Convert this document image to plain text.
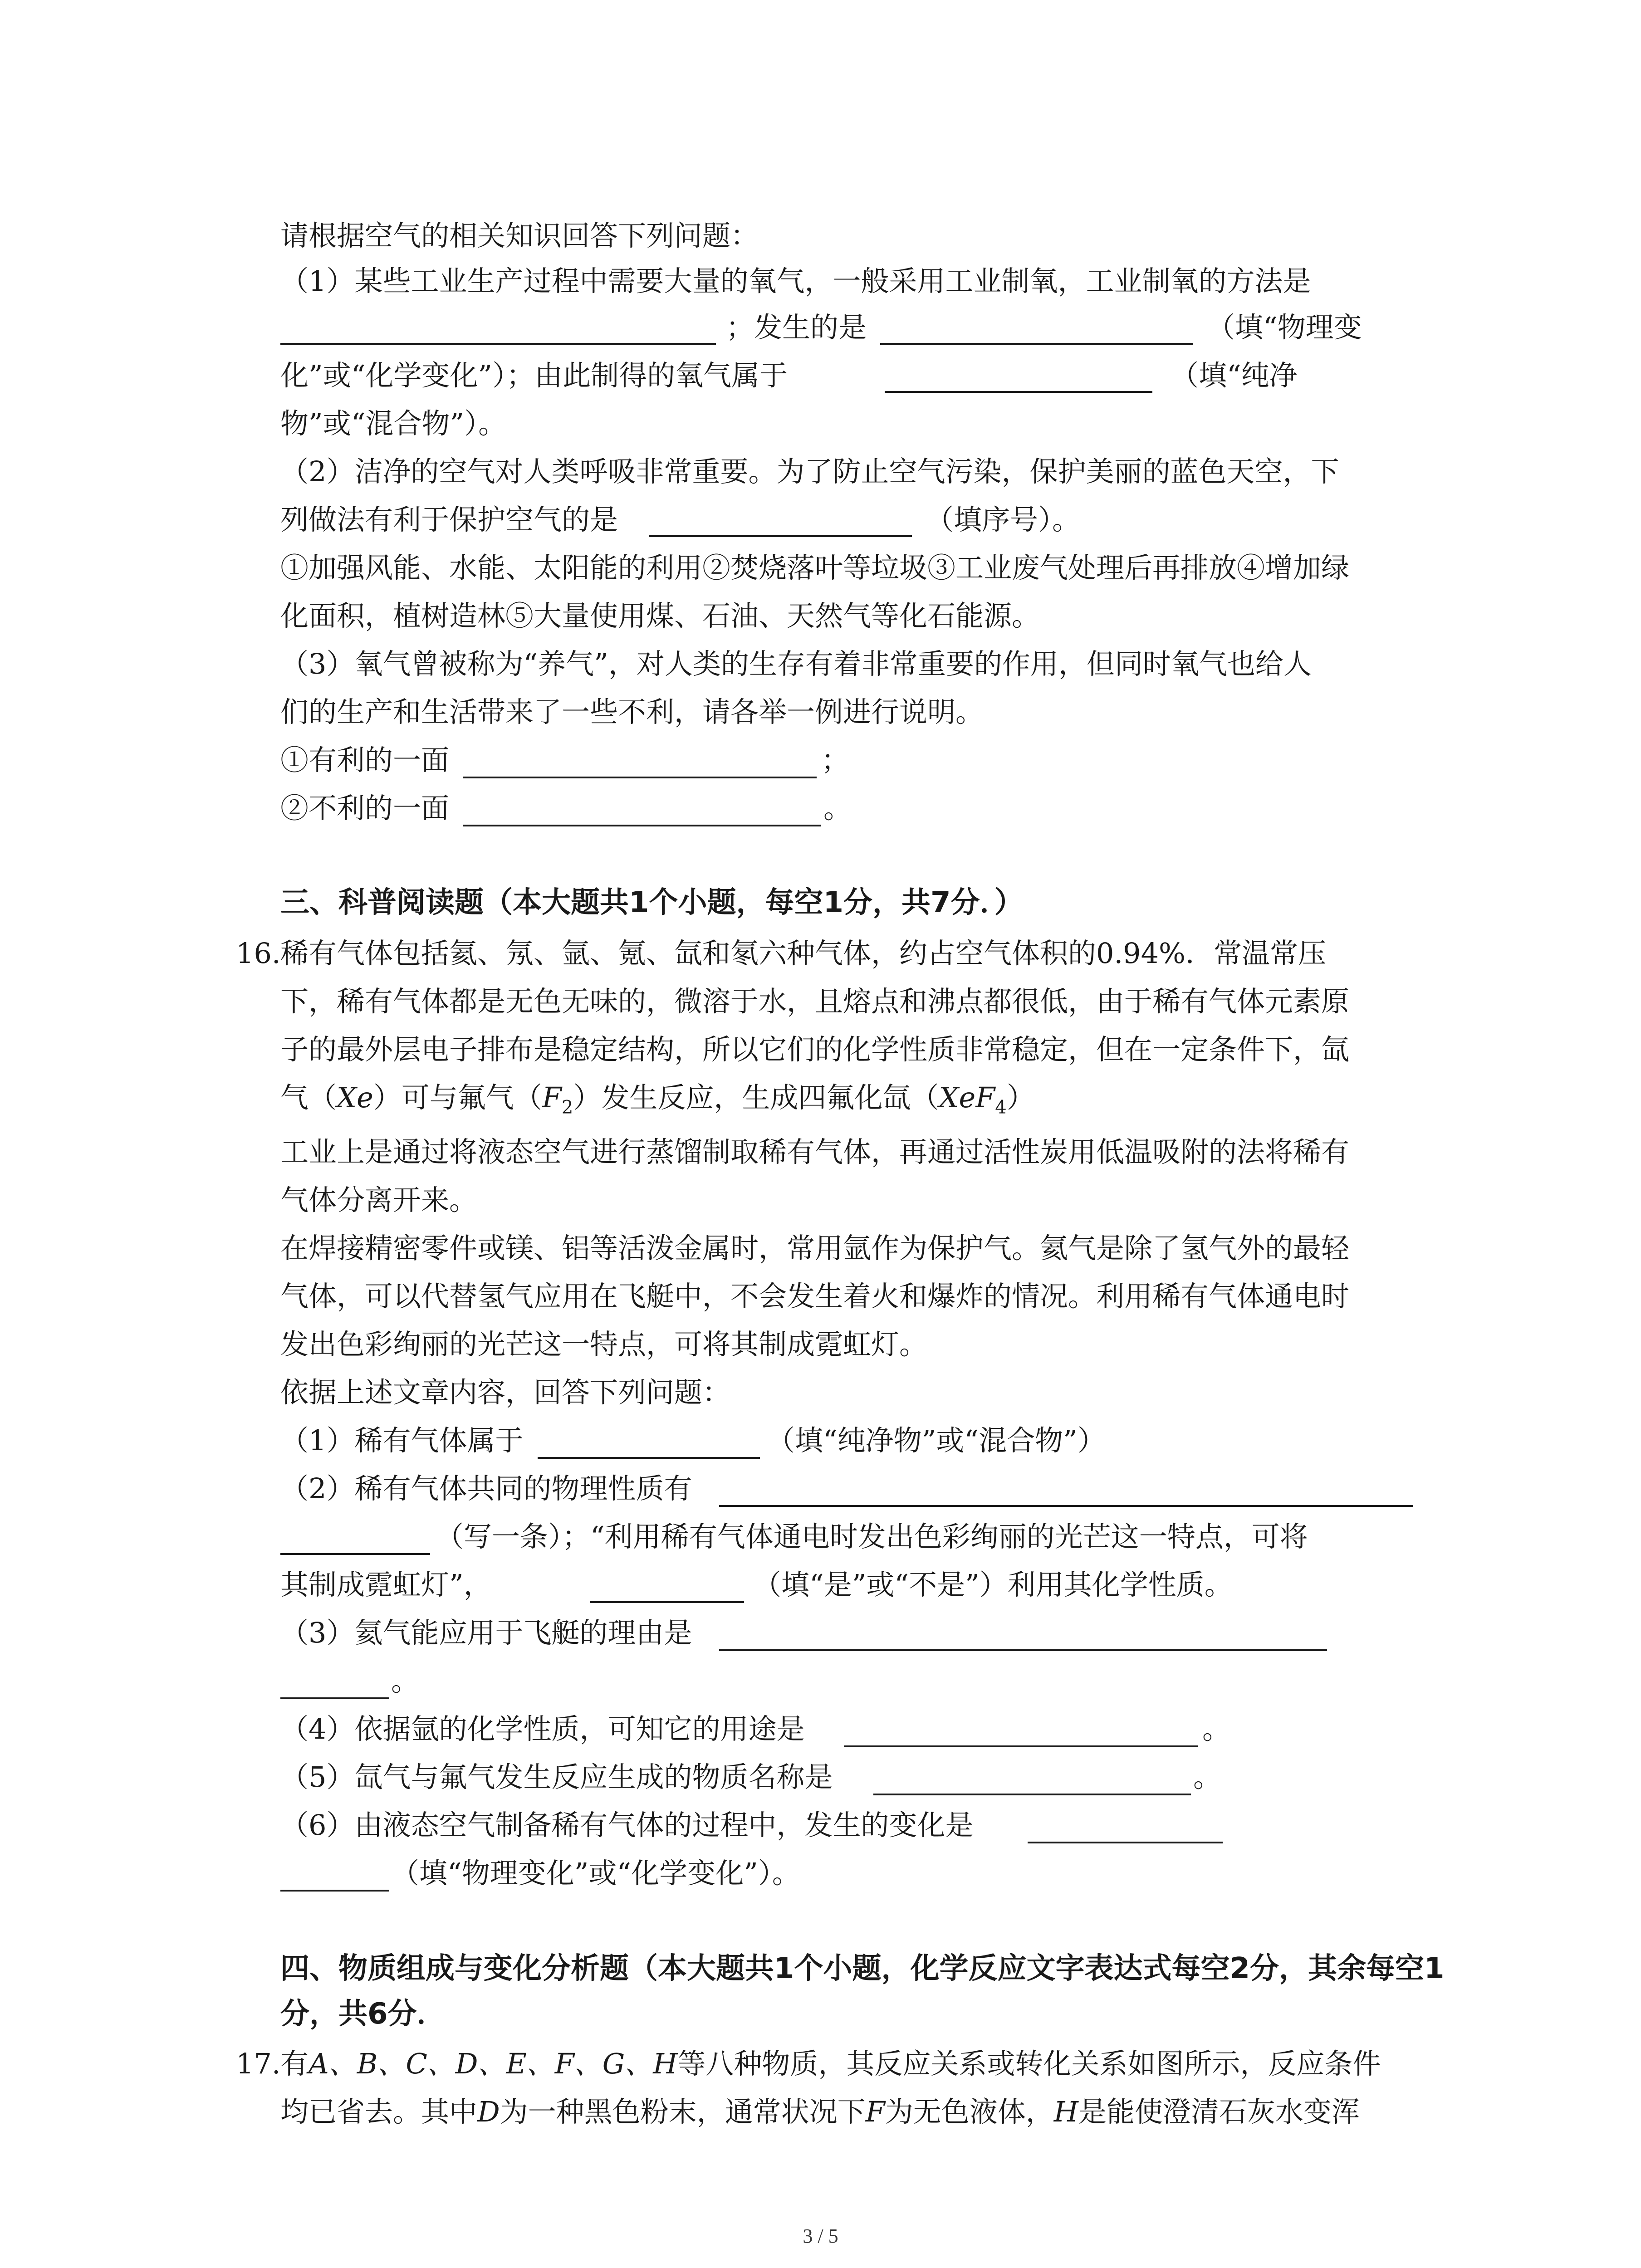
请根据空气的相关知识回答下列问题：
（1）某些工业生产过程中需要大量的氧气，一般采用工业制氧，工业制氧的方法是
；发生的是	（填“物理变
化”或“化学变化”）；由此制得的氧气属于	（填“纯净
物”或“混合物”）。
（2）洁净的空气对人类呼吸非常重要。为了防止空气污染，保护美丽的蓝色天空，下
列做法有利于保护空气的是	（填序号）。
①加强风能、水能、太阳能的利用②焚烧落叶等垃圾③工业废气处理后再排放④增加绿
化面积，植树造林⑤大量使用煤、石油、天然气等化石能源。
（3）氧气曾被称为“养气”，对人类的生存有着非常重要的作用，但同时氧气也给人
们的生产和生活带来了一些不利，请各举一例进行说明。
①有利的一面	；
②不利的一面	。
三、科普阅读题（本大题共1个小题，每空1分，共7分．）
16. 稀有气体包括氦、氖、氩、氪、氙和氡六种气体，约占空气体积的0.94%．常温常压
下，稀有气体都是无色无味的，微溶于水，且熔点和沸点都很低，由于稀有气体元素原
子的最外层电子排布是稳定结构，所以它们的化学性质非常稳定，但在一定条件下，氙
气（Xe）可与氟气$(F_2)$发生反应，生成四氟化氙（XeF$_4$）
工业上是通过将液态空气进行蒸馏制取稀有气体，再通过活性炭用低温吸附的法将稀有
气体分离开来。
在焊接精密零件或镁、铝等活泼金属时，常用氩作为保护气。氦气是除了氢气外的最轻
气体，可以代替氢气应用在飞艇中，不会发生着火和爆炸的情况。利用稀有气体通电时
发出色彩绚丽的光芒这一特点，可将其制成霓虹灯。
依据上述文章内容，回答下列问题：
（1）稀有气体属于	（填“纯净物”或“混合物”）
（2）稀有气体共同的物理性质有
（写一条）；“利用稀有气体通电时发出色彩绚丽的光芒这一特点，可将
其制成霓虹灯”，	（填“是”或“不是”）利用其化学性质。
（3）氦气能应用于飞艇的理由是
。
（4）依据氩的化学性质，可知它的用途是	。
（5）氙气与氟气发生反应生成的物质名称是	。
（6）由液态空气制备稀有气体的过程中，发生的变化是
（填“物理变化”或“化学变化”）。
四、物质组成与变化分析题（本大题共1个小题，化学反应文字表达式每空2分，其余每空1
分，共6分．
17. 有A、B、C、D、E、F、G、H等八种物质，其反应关系或转化关系如图所示，反应条件
均已省去。其中D为一种黑色粉末，通常状况下F为无色液体，H是能使澄清石灰水变浑
3 / 5
